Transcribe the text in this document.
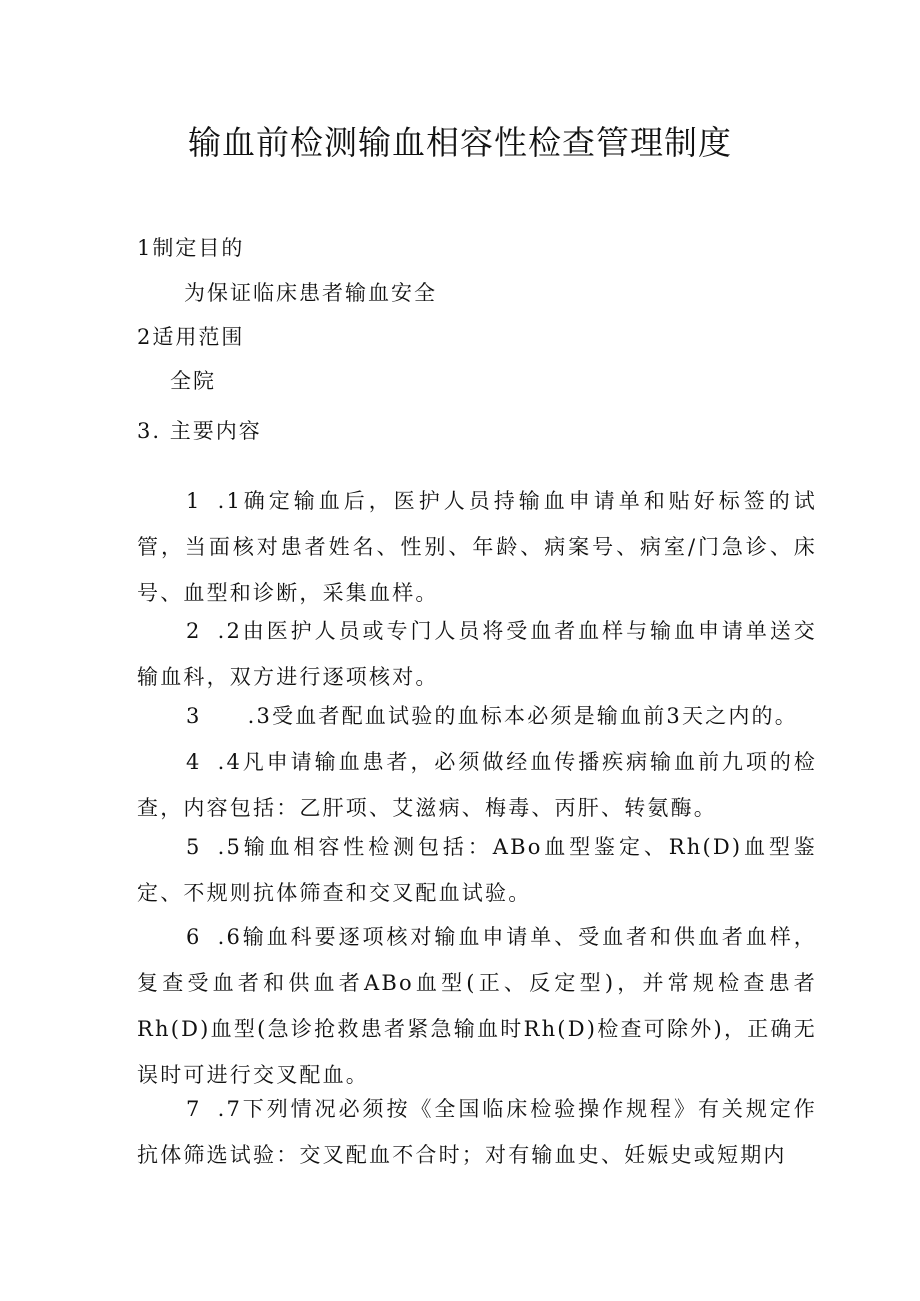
输血前检测输血相容性检查管理制度

1制定目的

为保证临床患者输血安全

2适用范围

全院

3. 主要内容

1 .1确定输血后，医护人员持输血申请单和贴好标签的试管，当面核对患者姓名、性别、年龄、病案号、病室/门急诊、床号、血型和诊断，采集血样。

2 .2由医护人员或专门人员将受血者血样与输血申请单送交输血科，双方进行逐项核对。

3 .3受血者配血试验的血标本必须是输血前3天之内的。

4 .4凡申请输血患者，必须做经血传播疾病输血前九项的检查，内容包括：乙肝项、艾滋病、梅毒、丙肝、转氨酶。

5 .5输血相容性检测包括：ABo血型鉴定、Rh(D)血型鉴定、不规则抗体筛查和交叉配血试验。

6 .6输血科要逐项核对输血申请单、受血者和供血者血样，复查受血者和供血者ABo血型(正、反定型)，并常规检查患者Rh(D)血型(急诊抢救患者紧急输血时Rh(D)检查可除外)，正确无误时可进行交叉配血。

7 .7下列情况必须按《全国临床检验操作规程》有关规定作抗体筛选试验：交叉配血不合时；对有输血史、妊娠史或短期内
